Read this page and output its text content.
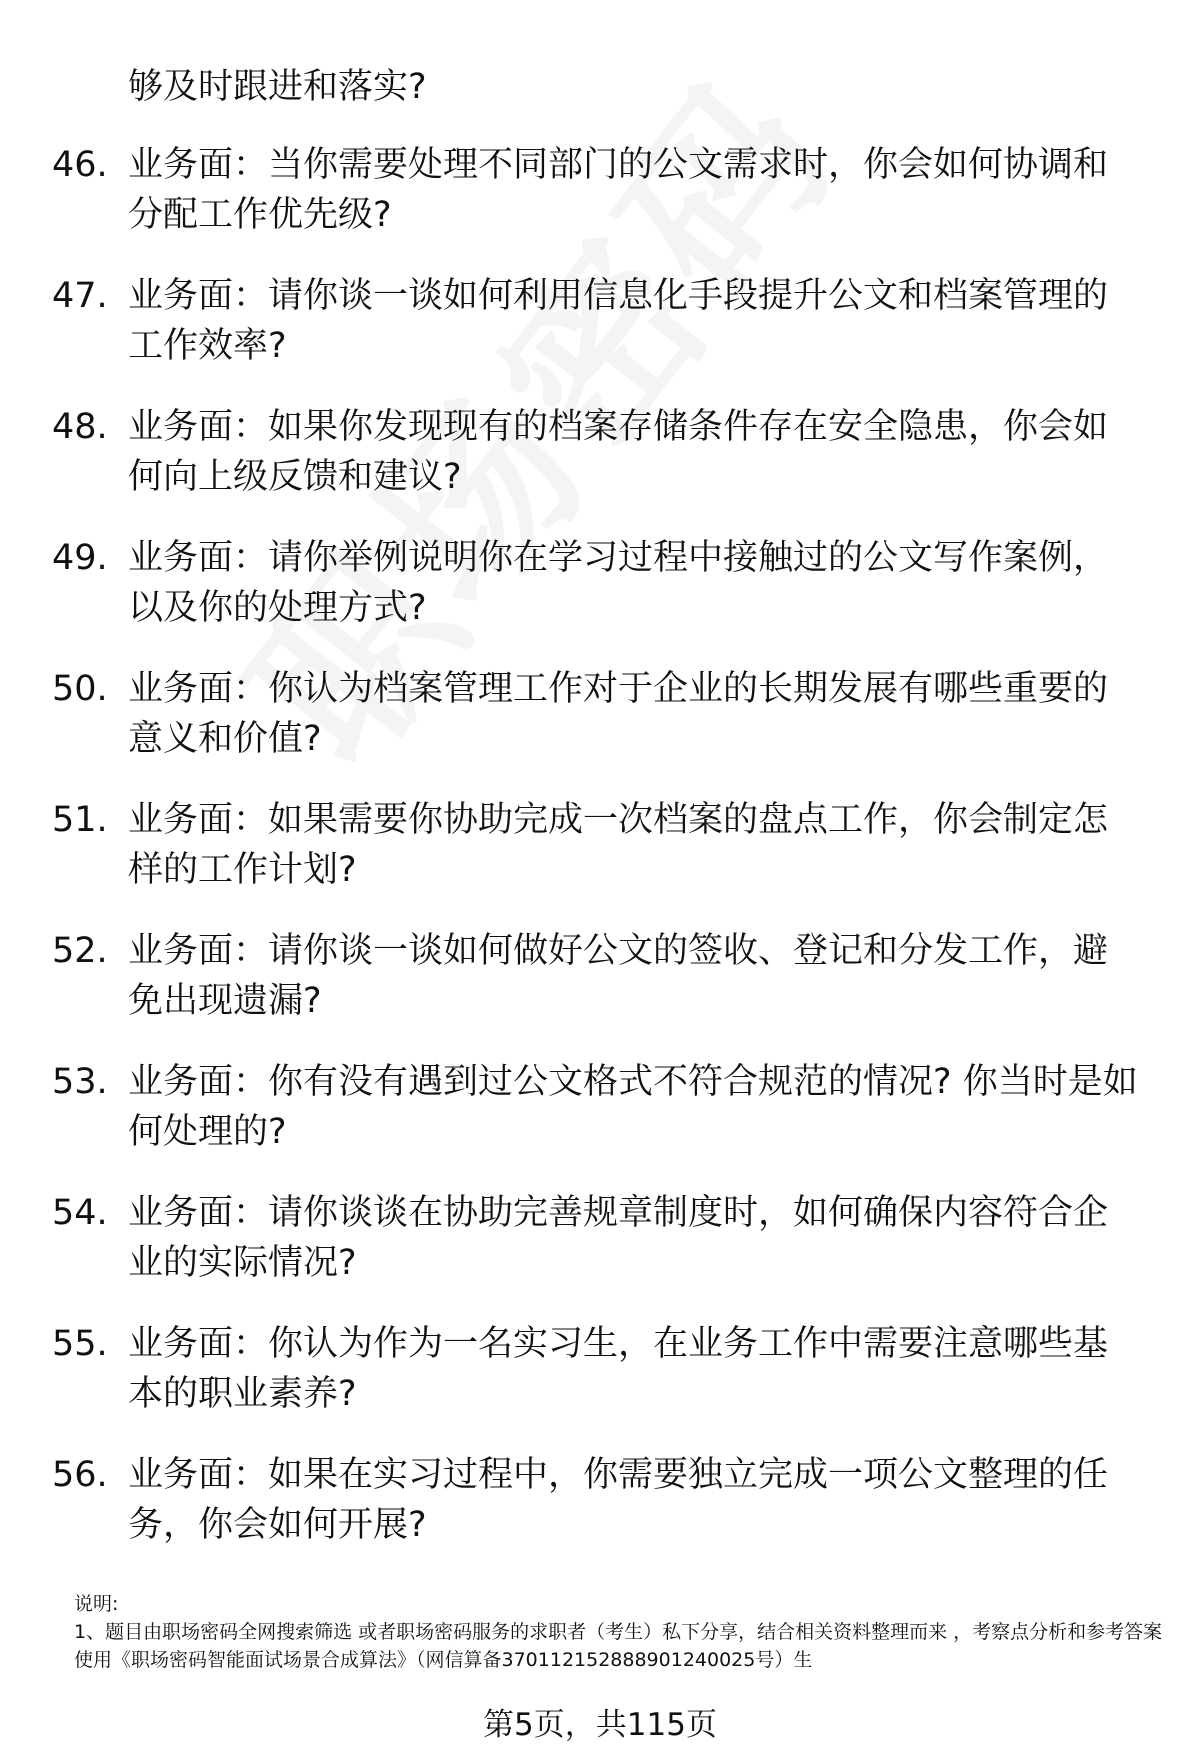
够及时跟进和落实?
46. 业务面：当你需要处理不同部门的公文需求时，你会如何协调和分配工作优先级?
47. 业务面：请你谈一谈如何利用信息化手段提升公文和档案管理的工作效率?
48. 业务面：如果你发现现有的档案存储条件存在安全隐患，你会如何向上级反馈和建议?
49. 业务面：请你举例说明你在学习过程中接触过的公文写作案例，以及你的处理方式?
50. 业务面：你认为档案管理工作对于企业的长期发展有哪些重要的意义和价值?
51. 业务面：如果需要你协助完成一次档案的盘点工作，你会制定怎样的工作计划?
52. 业务面：请你谈一谈如何做好公文的签收、登记和分发工作，避免出现遗漏?
53. 业务面：你有没有遇到过公文格式不符合规范的情况? 你当时是如何处理的?
54. 业务面：请你谈谈在协助完善规章制度时，如何确保内容符合企业的实际情况?
55. 业务面：你认为作为一名实习生，在业务工作中需要注意哪些基本的职业素养?
56. 业务面：如果在实习过程中，你需要独立完成一项公文整理的任务，你会如何开展?
说明:
1、题目由职场密码全网搜索筛选 或者职场密码服务的求职者（考生）私下分享，结合相关资料整理而来 ，考察点分析和参考答案使用《职场密码智能面试场景合成算法》（网信算备370112152888901240025号）生
第5页，共115页
